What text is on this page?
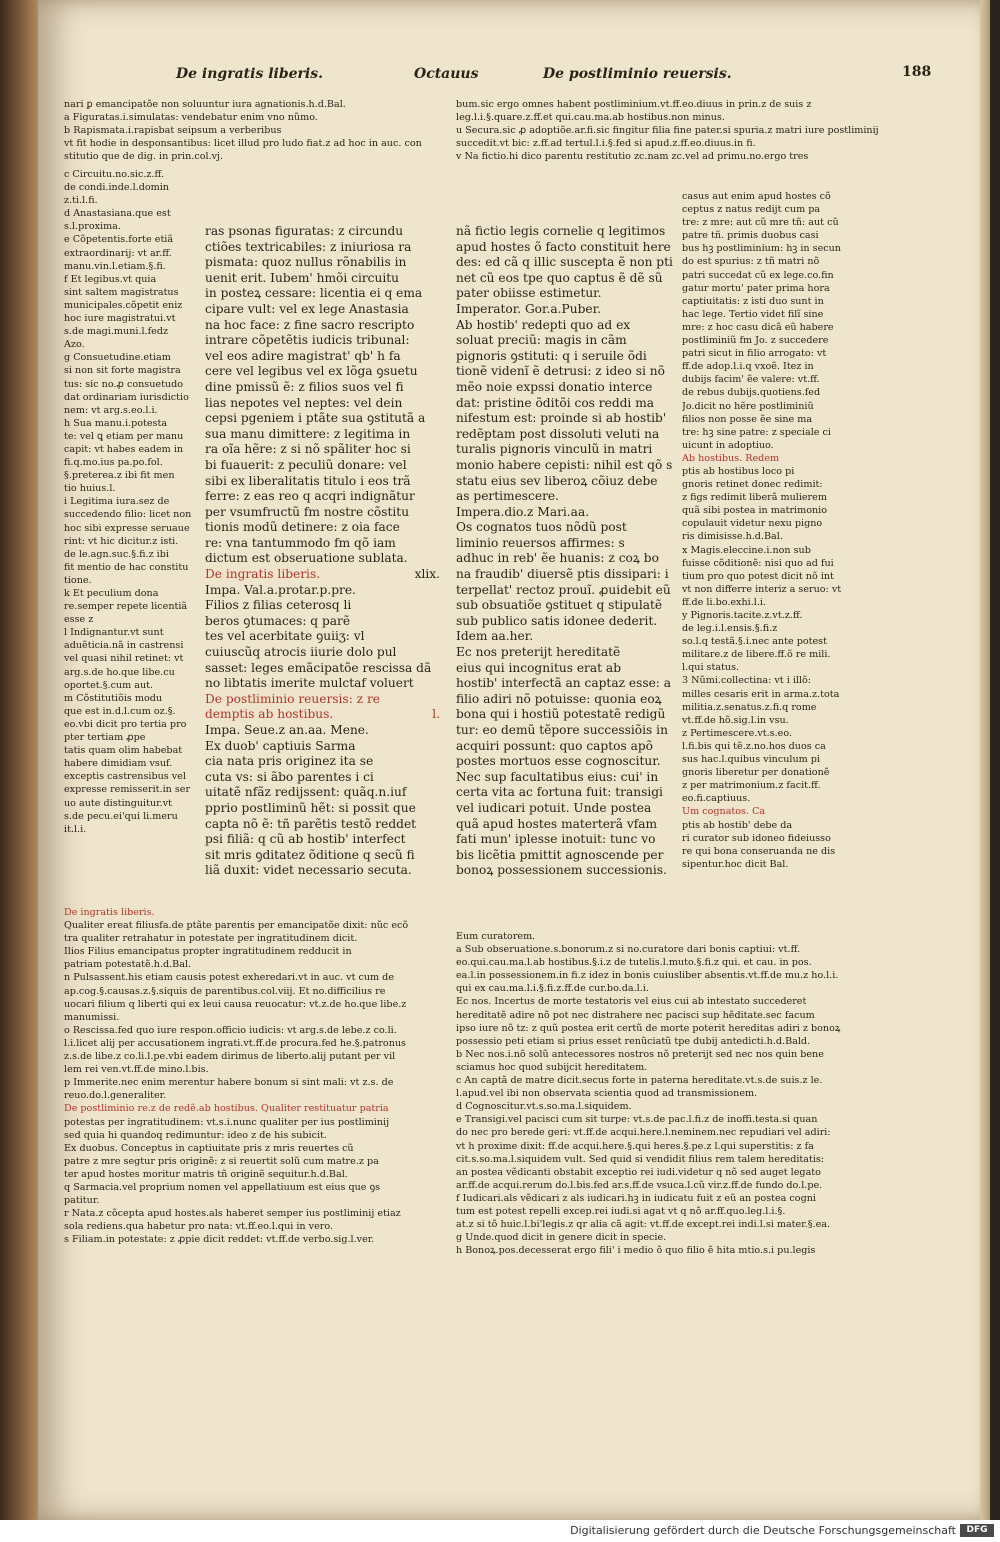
De ingratis liberis.	Octauus	De postliminio reuersis.	188
nari ꝑ emancipatõe non soluuntur iura agnationis.h.d.Bal.
a Figuratas.i.simulatas: vendebatur enim vno nũmo.
b Rapismata.i.rapisbat seipsum a verberibus
vt fit hodie in desponsantibus: licet illud pro ludo fiat.z ad hoc in auc. con
stitutio que de dig. in prin.col.vj.
bum.sic ergo omnes habent postliminium.vt.ff.eo.diuus in prin.z de suis z
leg.l.i.§.quare.z.ff.et qui.cau.ma.ab hostibus.non minus.
u Secura.sic ꝓ adoptiõe.ar.fi.sic fingitur filia fine pater.si spuria.z matri iure postliminij
succedit.vt bic: z.ff.ad tertul.l.i.§.fed si apud.z.ff.eo.diuus.in fi.
v Na fictio.hi dico parentu restitutio zc.nam zc.vel ad primu.no.ergo tres
c Circuitu.no.sic.z.ff.
de condi.inde.l.domin
z.ti.l.fi.
d Anastasiana.que est
s.l.proxima.
e Cõpetentis.forte etiã
extraordinarij: vt ar.ff.
manu.vin.l.etiam.§.fi.
f Et legibus.vt quia
sint saltem magistratus
municipales.cõpetit eniz
hoc iure magistratui.vt
s.de magi.muni.l.fedz
Azo.
g Consuetudine.etiam
si non sit forte magistra
tus: sic no.ꝓ consuetudo
dat ordinariam iurisdictio
nem: vt arg.s.eo.l.i.
h Sua manu.i.potesta
te: vel ꝗ etiam per manu
capit: vt habes eadem in
fi.q.mo.ius pa.po.fol.
§.preterea.z ibi fit men
tio huius.l.
i Legitima iura.sez de
succedendo filio: licet non
hoc sibi expresse seruaue
rint: vt hic dicitur.z isti.
de le.agn.suc.§.fi.z ibi
fit mentio de hac constitu
tione.
k Et peculium dona
re.semper repete licentiã
esse z
l Indignantur.vt sunt
aduẽticia.nã in castrensi
vel quasi nihil retinet: vt
arg.s.de ho.que libe.cu
oportet.§.cum aut.
m Cõstitutiõis modu
que est in.d.l.cum oz.§.
eo.vbi dicit pro tertia pro
pter tertiam ꝓpe
tatis quam olim habebat
habere dimidiam vsuf.
exceptis castrensibus vel
expresse remisserit.in ser
uo aute distinguitur.vt
s.de pecu.ei'qui li.meru
it.l.i.
ras psonas figuratas: z circundu
ctiões textricabiles: z iniuriosa ra
pismata: quoz nullus rõnabilis in
uenit erit. Iubem' hmõi circuitu
in posteꝝ cessare: licentia ei q ema
cipare vult: vel ex lege Anastasia
na hoc face: z fine sacro rescripto
intrare cõpetẽtis iudicis tribunal:
vel eos adire magistrat' qb' h fa
cere vel legibus vel ex lõga ꝯsuetu
dine pmissũ ẽ: z filios suos vel fi
lias nepotes vel neptes: vel dein
cepsi pgeniem i ptãte sua ꝯstitutã a
sua manu dimittere: z legitima in
ra oĩa hẽre: z si nõ spãliter hoc si
bi fuauerit: z peculiũ donare: vel
sibi ex liberalitatis titulo i eos trã
ferre: z eas reo q acqri indignãtur
per vsumfructũ fm nostre cõstitu
tionis modũ detinere: z oia face
re: vna tantummodo fm qõ iam
dictum est obseruatione sublata.
De ingratis liberis.	xlix.
Impa. Val.a.protar.p.pre.
Filios z filias ceterosq li
beros ꝯtumaces: q parẽ
tes vel acerbitate ꝯuiiʒ: vl
cuiuscũq atrocis iiurie dolo pul
sasset: leges emãcipatõe rescissa dã
no libtatis imerite mulctaf voluert
De postliminio reuersis: z re
demptis ab hostibus.	l.
Impa. Seue.z an.aa. Mene.
Ex duob' captiuis Sarma
cia nata pris originez ita se
cuta vs: si ãbo parentes i ci
uitatẽ nfãz redijssent: quãq.n.iuf
pprio postliminũ hẽt: si possit que
capta nõ ẽ: tñ parẽtis testõ reddet
psi filiã: q cũ ab hostib' interfect
sit mris ꝯditatez õditione q secũ fi
liã duxit: videt necessario secuta.
nã fictio legis cornelie q legitimos
apud hostes õ facto constituit here
des: ed cã q illic suscepta ẽ non pti
net cũ eos tpe quo captus ẽ dẽ sũ
pater obiisse estimetur.
Imperator. Gor.a.Puber.
Ab hostib' redepti quo ad ex
soluat preciũ: magis in cãm
pignoris ꝯstituti: q i seruile õdi
tionẽ videnĩ ẽ detrusi: z ideo si nõ
mẽo noie expssi donatio interce
dat: pristine õditõi cos reddi ma
nifestum est: proinde si ab hostib'
redẽptam post dissoluti veluti na
turalis pignoris vinculũ in matri
monio habere cepisti: nihil est qõ s
statu eius sev liberoꝝ cõiuz debe
as pertimescere.
Impera.dio.z Mari.aa.
Os cognatos tuos nõdũ post
liminio reuersos affirmes: s
adhuc in reb' ẽe huanis: z coꝝ bo
na fraudib' diuersẽ ptis dissipari: i
terpellat' rectoz prouĩ. ꝓuidebit eũ
sub obsuatiõe ꝯstituet q stipulatẽ
sub publico satis idonee dederit.
Idem aa.her.
Ec nos preterijt hereditatẽ
eius qui incognitus erat ab
hostib' interfectã an captaz esse: a
filio adiri nõ potuisse: quonia eoꝝ
bona qui i hostiũ potestatẽ redigũ
tur: eo demũ tẽpore successiõis in
acquiri possunt: quo captos apõ
postes mortuos esse cognoscitur.
Nec sup facultatibus eius: cui' in
certa vita ac fortuna fuit: transigi
vel iudicari potuit. Unde postea
quã apud hostes materterã vfam
fati mun' iplesse inotuit: tunc vo
bis licẽtia pmittit agnoscende per
bonoꝝ possessionem successionis.
casus aut enim apud hostes cõ
ceptus z natus redijt cum pa
tre: z mre: aut cũ mre tñ: aut cũ
patre tñ. primis duobus casi
bus hꝫ postliminium: hꝫ in secun
do est spurius: z tñ matri nõ
patri succedat cũ ex lege.co.fin
gatur mortu' pater prima hora
captiuitatis: z isti duo sunt in
hac lege. Tertio videt filĩ sine
mre: z hoc casu dicã eũ habere
postliminiũ fm Jo. z succedere
patri sicut in filio arrogato: vt
ff.de adop.l.i.q vxoẽ. Itez in
dubijs facim' ẽe valere: vt.ff.
de rebus dubijs.quotiens.fed
Jo.dicit no hẽre postliminiũ
filios non posse ẽe sine ma
tre: hꝫ sine patre: z speciale ci
uicunt in adoptiuo.
Ab hostibus. Redem
ptis ab hostibus loco pi
gnoris retinet donec redimit:
z figs redimit liberã mulierem
quã sibi postea in matrimonio
copulauit videtur nexu pigno
ris dimisisse.h.d.Bal.
x Magis.eleccine.i.non sub
fuisse cõditionẽ: nisi quo ad fui
tium pro quo potest dicit nõ int
vt non differre interiz a seruo: vt
ff.de li.bo.exhi.l.i.
y Pignoris.tacite.z.vt.z.ff.
de leg.i.l.ensis.§.fi.z
so.l.q testã.§.i.nec ante potest
militare.z de libere.ff.õ re mili.
l.qui status.
3 Nũmi.collectina: vt i illõ:
milles cesaris erit in arma.z.tota
militia.z.senatus.z.fi.q rome
vt.ff.de hõ.sig.l.in vsu.
z Pertimescere.vt.s.eo.
l.fi.bis qui tẽ.z.no.hos duos ca
sus hac.l.quibus vinculum pi
gnoris liberetur per donationẽ
z per matrimonium.z facit.ff.
eo.fi.captiuus.
Um cognatos. Ca
ptis ab hostib' debe da
ri curator sub idoneo fideiusso
re qui bona conseruanda ne dis
sipentur.hoc dicit Bal.
De ingratis liberis.
Qualiter ereat filiusfa.de ptãte parentis per emancipatõe dixit: nũc ecõ
tra qualiter retrahatur in potestate per ingratitudinem dicit.
Ilios Filius emancipatus propter ingratitudinem redducit in
patriam potestatẽ.h.d.Bal.
n Pulsassent.his etiam causis potest exheredari.vt in auc. vt cum de
ap.cog.§.causas.z.§.siquis de parentibus.col.viij. Et no.difficilius re
uocari filium q liberti qui ex leui causa reuocatur: vt.z.de ho.que libe.z
manumissi.
o Rescissa.fed quo iure respon.officio iudicis: vt arg.s.de lebe.z co.li.
l.i.licet alij per accusationem ingrati.vt.ff.de procura.fed he.§.patronus
z.s.de libe.z co.li.l.pe.vbi eadem dirimus de liberto.alij putant per vil
lem rei ven.vt.ff.de mino.l.bis.
p Immerite.nec enim merentur habere bonum si sint mali: vt z.s. de
reuo.do.l.generaliter.
De postliminio re.z de redẽ.ab hostibus. Qualiter restituatur patria
potestas per ingratitudinem: vt.s.i.nunc qualiter per ius postliminij
sed quia hi quandoq redimuntur: ideo z de his subicit.
Ex duobus. Conceptus in captiuitate pris z mris reuertes cũ
patre z mre segtur pris originẽ: z si reuertit solũ cum matre.z pa
ter apud hostes moritur matris tñ originẽ sequitur.h.d.Bal.
q Sarmacia.vel proprium nomen vel appellatiuum est eius que ꝯs
patitur.
r Nata.z cõcepta apud hostes.als haberet semper ius postliminij etiaz
sola rediens.qua habetur pro nata: vt.ff.eo.l.qui in vero.
s Filiam.in potestate: z ꝓpie dicit reddet: vt.ff.de verbo.sig.l.ver.
Eum curatorem.
a Sub obseruatione.s.bonorum.z si no.curatore dari bonis captiui: vt.ff.
eo.qui.cau.ma.l.ab hostibus.§.i.z de tutelis.l.muto.§.fi.z qui. et cau. in pos.
ea.l.in possessionem.in fi.z idez in bonis cuiusliber absentis.vt.ff.de mu.z ho.l.i.
qui ex cau.ma.l.i.§.fi.z.ff.de cur.bo.da.l.i.
Ec nos. Incertus de morte testatoris vel eius cui ab intestato succederet
hereditatẽ adire nõ pot nec distrahere nec pacisci sup hẽditate.sec facum
ipso iure nõ tz: z quũ postea erit certũ de morte poterit hereditas adiri z bonoꝝ
possessio peti etiam si prius esset renũciatũ tpe dubij antedicti.h.d.Bald.
b Nec nos.i.nõ solũ antecessores nostros nõ preterijt sed nec nos quin bene
sciamus hoc quod subijcit hereditatem.
c An captã de matre dicit.secus forte in paterna hereditate.vt.s.de suis.z le.
l.apud.vel ibi non observata scientia quod ad transmissionem.
d Cognoscitur.vt.s.so.ma.l.siquidem.
e Transigi.vel pacisci cum sit turpe: vt.s.de pac.l.fi.z de inoffi.testa.si quan
do nec pro berede geri: vt.ff.de acqui.here.l.neminem.nec repudiari vel adiri:
vt h proxime dixit: ff.de acqui.here.§.qui heres.§.pe.z l.qui superstitis: z fa
cit.s.so.ma.l.siquidem vult. Sed quid si vendidit filius rem talem hereditatis:
an postea vẽdicanti obstabit exceptio rei iudi.videtur q nõ sed auget legato
ar.ff.de acqui.rerum do.l.bis.fed ar.s.ff.de vsuca.l.cũ vir.z.ff.de fundo do.l.pe.
f Iudicari.als vẽdicari z als iudicari.hꝫ in iudicatu fuit z eũ an postea cogni
tum est potest repelli excep.rei iudi.si agat vt q nõ ar.ff.quo.leg.l.i.§.
at.z si tõ huic.l.bi'legis.z qr alia cã agit: vt.ff.de except.rei indi.l.si mater.§.ea.
g Unde.quod dicit in genere dicit in specie.
h Bonoꝝ.pos.decesserat ergo fili' i medio õ quo filio ẽ hita mtio.s.i pu.legis
Digitalisierung gefördert durch die Deutsche Forschungsgemeinschaft	DFG
